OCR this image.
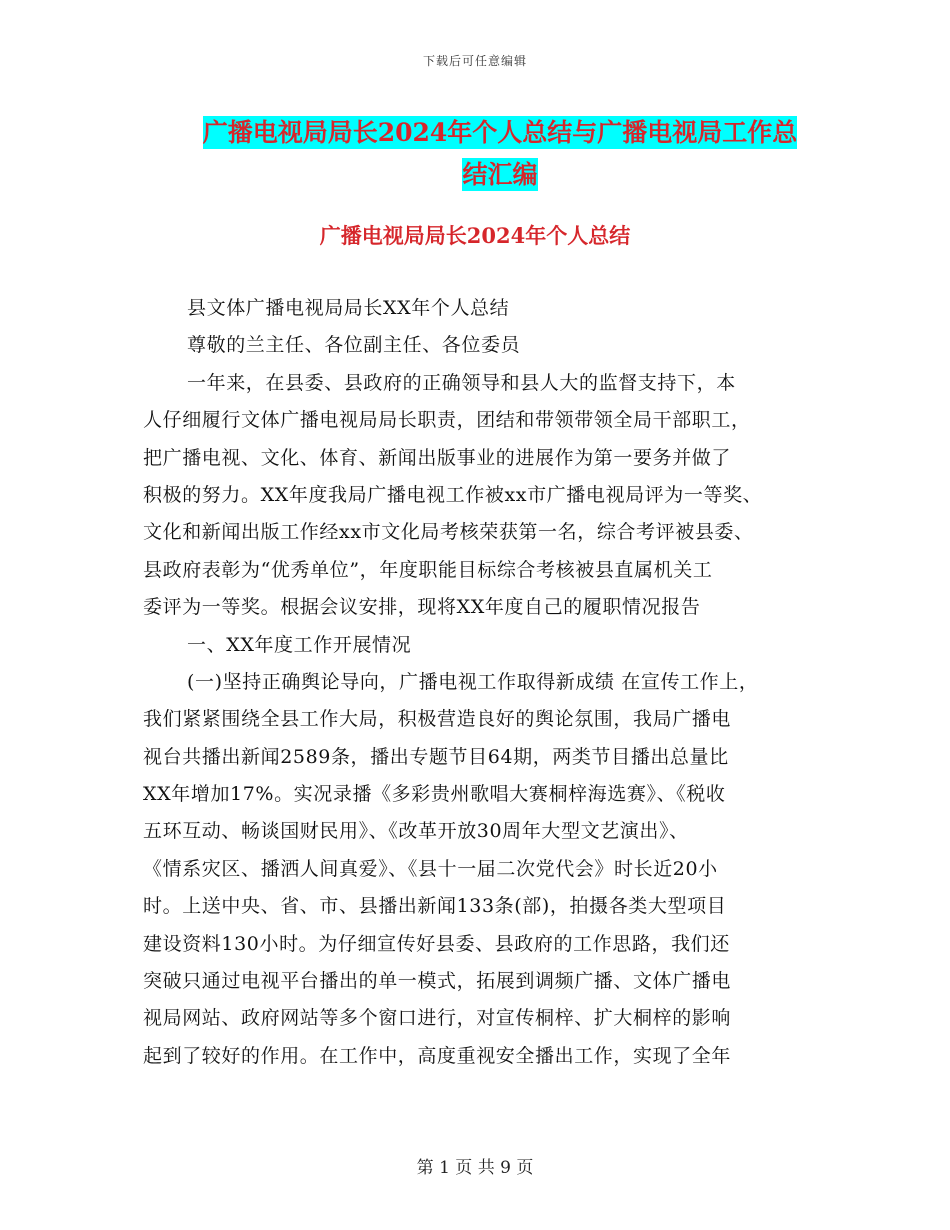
下载后可任意编辑
广播电视局局长2024年个人总结与广播电视局工作总
结汇编
广播电视局局长2024年个人总结
县文体广播电视局局长XX年个人总结
尊敬的兰主任、各位副主任、各位委员
一年来，在县委、县政府的正确领导和县人大的监督支持下，本
人仔细履行文体广播电视局局长职责，团结和带领带领全局干部职工，
把广播电视、文化、体育、新闻出版事业的进展作为第一要务并做了
积极的努力。XX年度我局广播电视工作被xx市广播电视局评为一等奖、
文化和新闻出版工作经xx市文化局考核荣获第一名，综合考评被县委、
县政府表彰为“优秀单位”，年度职能目标综合考核被县直属机关工
委评为一等奖。根据会议安排，现将XX年度自己的履职情况报告
一、XX年度工作开展情况
(一)坚持正确舆论导向，广播电视工作取得新成绩 在宣传工作上，
我们紧紧围绕全县工作大局，积极营造良好的舆论氛围，我局广播电
视台共播出新闻2589条，播出专题节目64期，两类节目播出总量比
XX年增加17%。实况录播《多彩贵州歌唱大赛桐梓海选赛》、《税收
五环互动、畅谈国财民用》、《改革开放30周年大型文艺演出》、
《情系灾区、播洒人间真爱》、《县十一届二次党代会》时长近20小
时。上送中央、省、市、县播出新闻133条(部)，拍摄各类大型项目
建设资料130小时。为仔细宣传好县委、县政府的工作思路，我们还
突破只通过电视平台播出的单一模式，拓展到调频广播、文体广播电
视局网站、政府网站等多个窗口进行，对宣传桐梓、扩大桐梓的影响
起到了较好的作用。在工作中，高度重视安全播出工作，实现了全年
第 1 页 共 9 页
